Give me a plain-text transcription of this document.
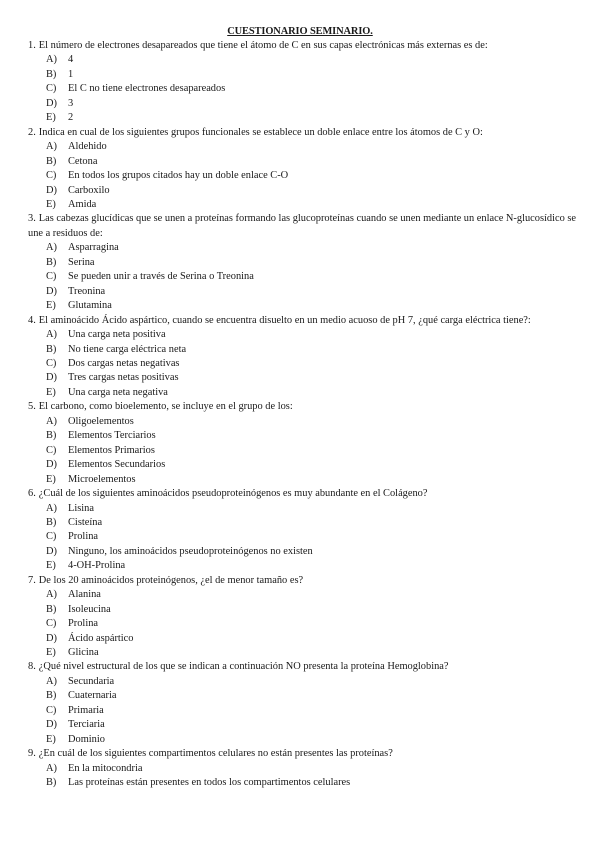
CUESTIONARIO SEMINARIO.
1. El número de electrones desapareados que tiene el átomo de C en sus capas electrónicas más externas es de:
A)	4
B)	1
C)	El C no tiene electrones desapareados
D)	3
E)	2
2. Indica en cual de los siguientes grupos funcionales se establece un doble enlace entre los átomos de C y O:
A)	Aldehido
B)	Cetona
C)	En todos los grupos citados hay un doble enlace C-O
D)	Carboxilo
E)	Amida
3. Las cabezas glucídicas que se unen a proteínas formando las glucoproteínas cuando se unen mediante un enlace N-glucosídico se une a residuos de:
A)	Asparragina
B)	Serina
C)	Se pueden unir a través de Serina o Treonina
D)	Treonina
E)	Glutamina
4. El aminoácido Ácido aspártico, cuando se encuentra disuelto en un medio acuoso de pH 7, ¿qué carga eléctrica tiene?:
A)	Una carga neta positiva
B)	No tiene carga eléctrica neta
C)	Dos cargas netas negativas
D)	Tres cargas netas positivas
E)	Una carga neta negativa
5. El carbono, como bioelemento, se incluye en el grupo de los:
A)	Oligoelementos
B)	Elementos Terciarios
C)	Elementos Primarios
D)	Elementos Secundarios
E)	Microelementos
6. ¿Cuál de los siguientes aminoácidos pseudoproteinógenos es muy abundante en el Colágeno?
A)	Lisina
B)	Cisteína
C)	Prolina
D)	Ninguno, los aminoácidos pseudoproteinógenos no existen
E)	4-OH-Prolina
7. De los 20 aminoácidos proteinógenos, ¿el de menor tamaño es?
A)	Alanina
B)	Isoleucina
C)	Prolina
D)	Ácido aspártico
E)	Glicina
8. ¿Qué nivel estructural de los que se indican a continuación NO presenta la proteína Hemoglobina?
A)	Secundaria
B)	Cuaternaria
C)	Primaria
D)	Terciaria
E)	Dominio
9. ¿En cuál de los siguientes compartimentos celulares no están presentes las proteínas?
A)	En la mitocondria
B)	Las proteínas están presentes en todos los compartimentos celulares
